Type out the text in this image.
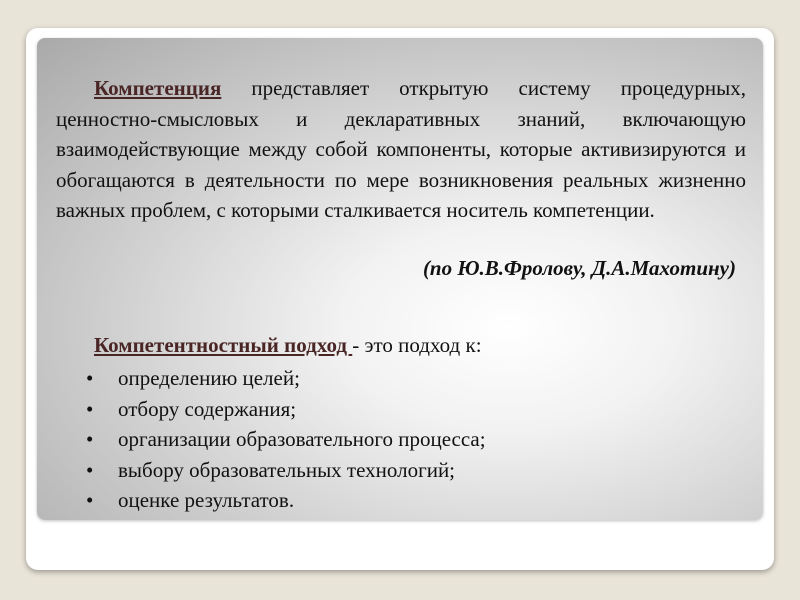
Компетенция представляет открытую систему процедурных, ценностно-смысловых и декларативных знаний, включающую взаимодействующие между собой компоненты, которые активизируются и обогащаются в деятельности по мере возникновения реальных жизненно важных проблем, с которыми сталкивается носитель компетенции.

(по Ю.В.Фролову, Д.А.Махотину)

Компетентностный подход - это подход к:

• определению целей;
• отбору содержания;
• организации образовательного процесса;
• выбору образовательных технологий;
• оценке результатов.
